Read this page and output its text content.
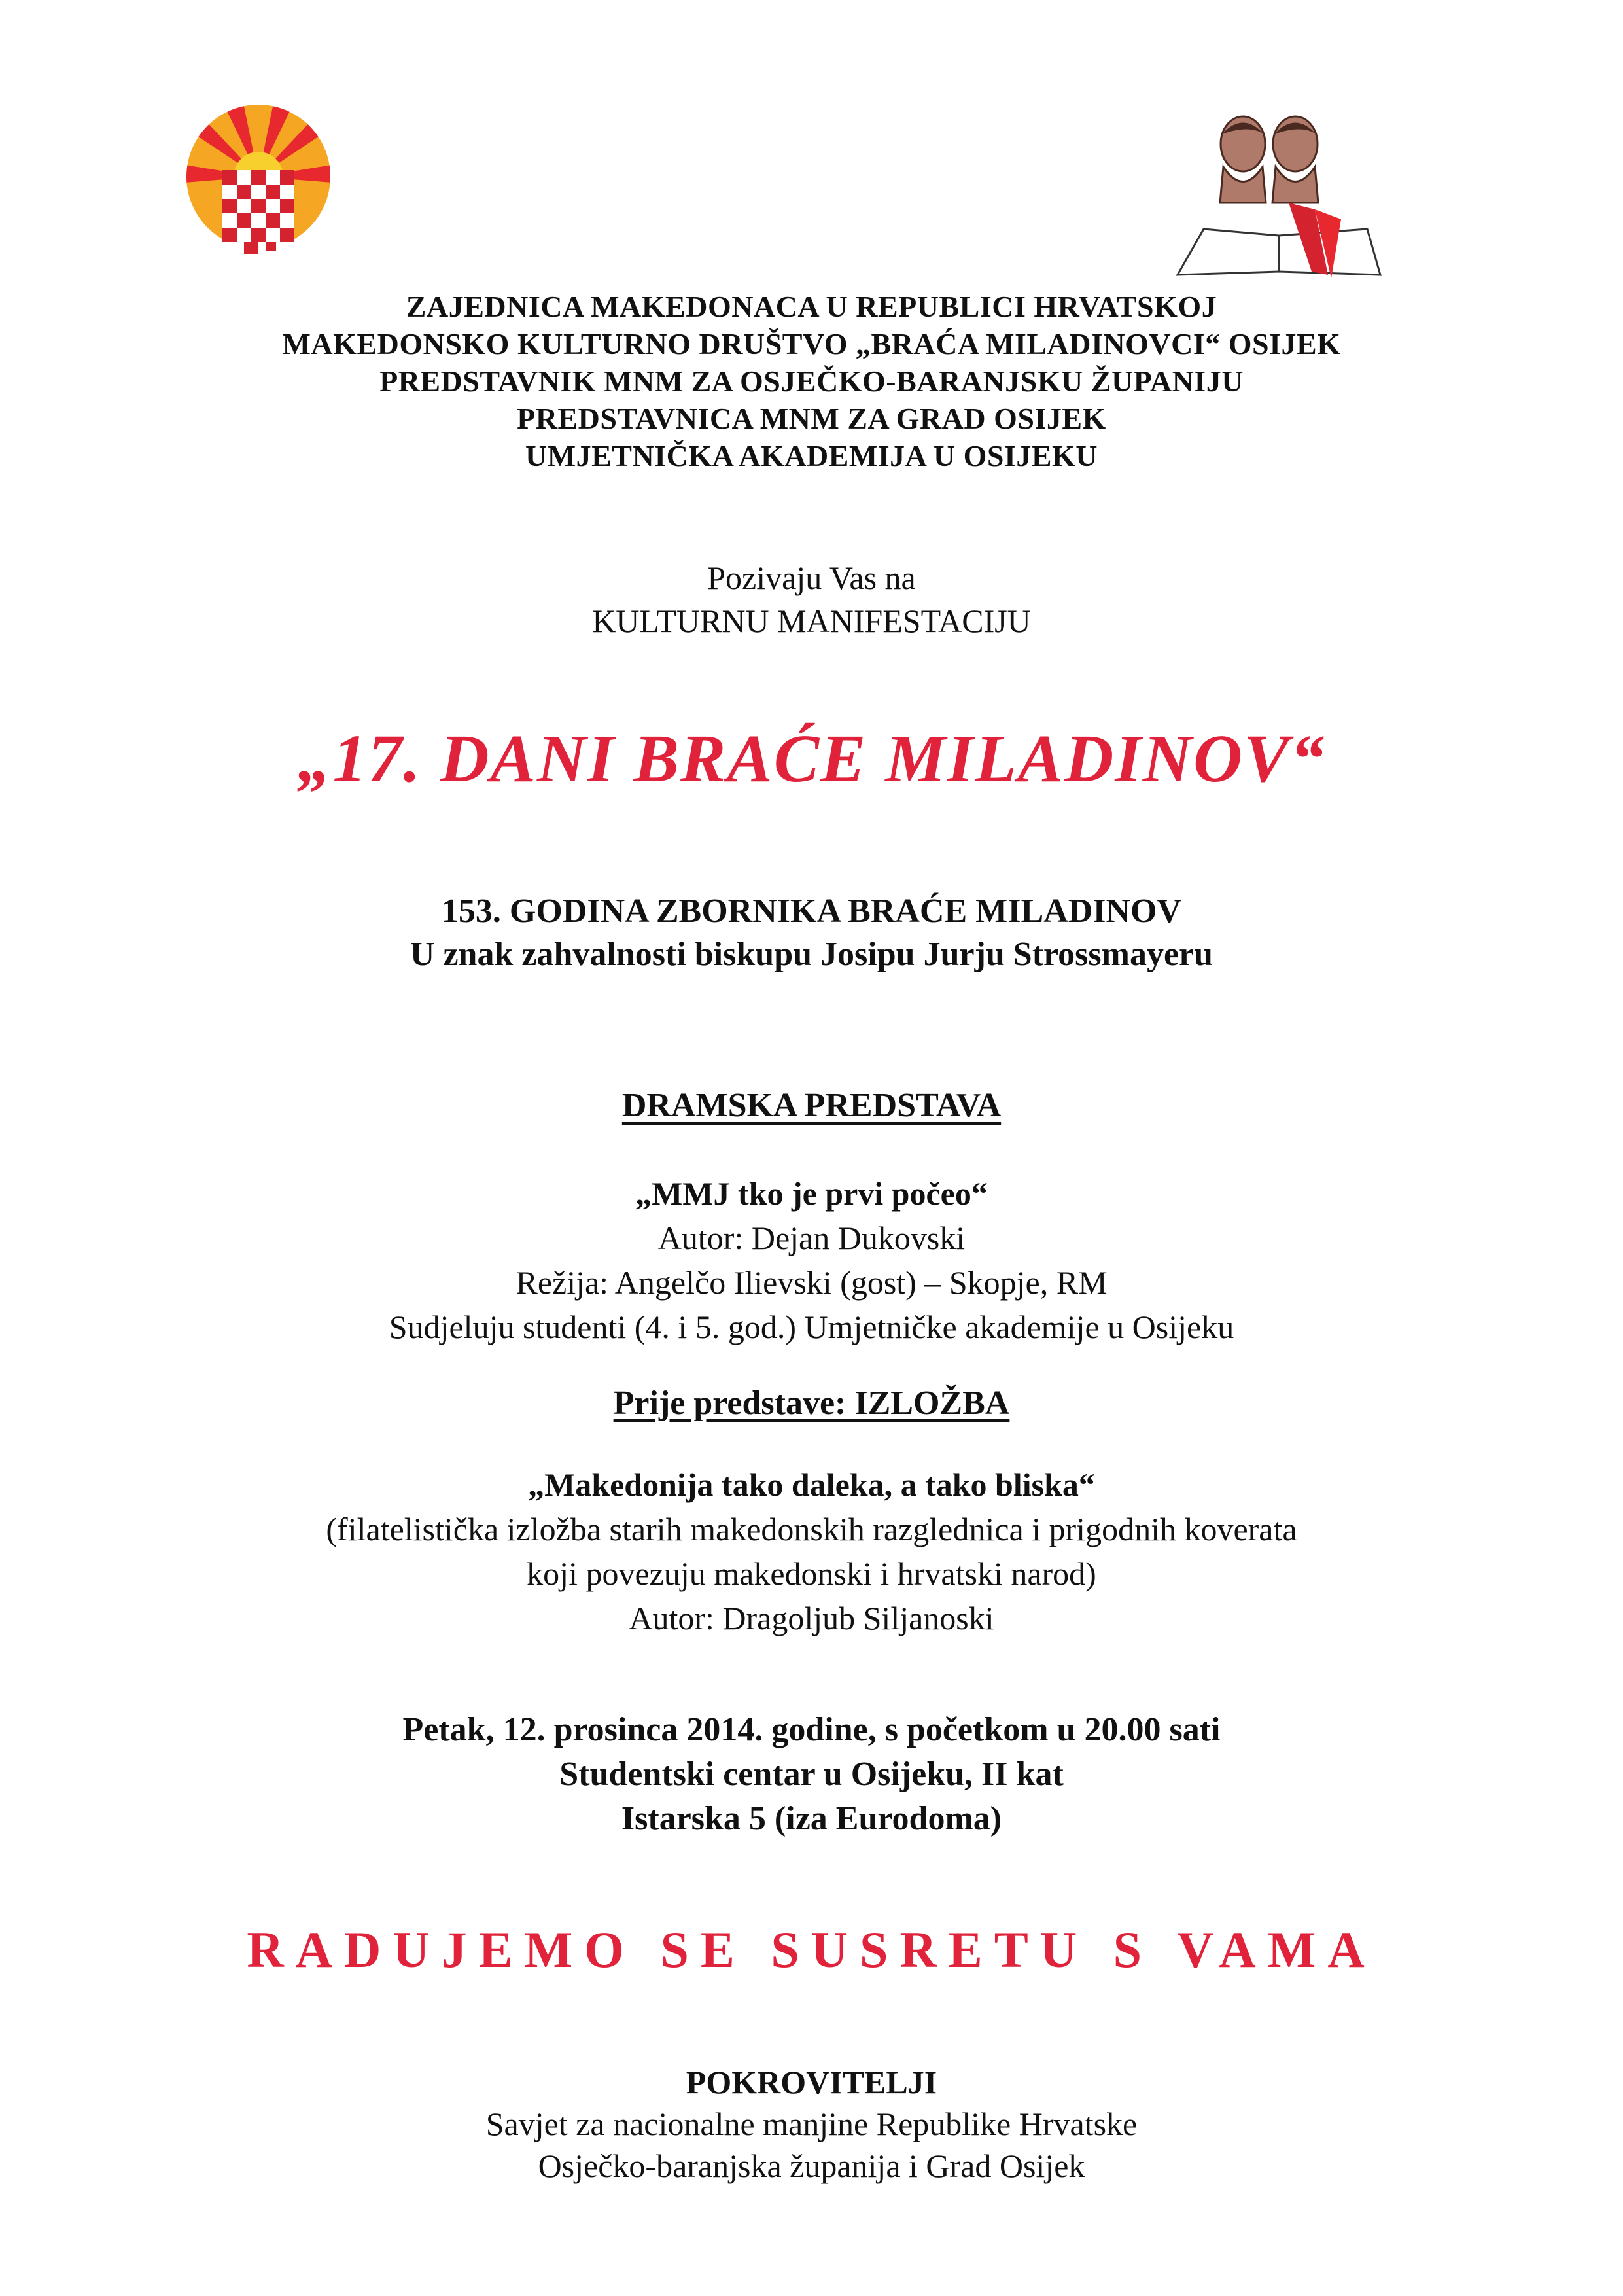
ZAJEDNICA MAKEDONACA U REPUBLICI HRVATSKOJ
MAKEDONSKO KULTURNO DRUŠTVO „BRAĆA MILADINOVCI“ OSIJEK
PREDSTAVNIK MNM ZA OSJEČKO-BARANJSKU ŽUPANIJU
PREDSTAVNICA MNM ZA GRAD OSIJEK
UMJETNIČKA AKADEMIJA U OSIJEKU
Pozivaju Vas na
KULTURNU MANIFESTACIJU
„17. DANI BRAĆE MILADINOV“
153. GODINA ZBORNIKA BRAĆE MILADINOV
U znak zahvalnosti biskupu Josipu Jurju Strossmayeru
DRAMSKA PREDSTAVA
„MMJ tko je prvi počeo“
Autor: Dejan Dukovski
Režija: Angelčo Ilievski (gost) – Skopje, RM
Sudjeluju studenti (4. i 5. god.) Umjetničke akademije u Osijeku
Prije predstave: IZLOŽBA
„Makedonija tako daleka, a tako bliska“
(filatelistička izložba starih makedonskih razglednica i prigodnih koverata
koji povezuju makedonski i hrvatski narod)
Autor: Dragoljub Siljanoski
Petak, 12. prosinca 2014. godine, s početkom u 20.00 sati
Studentski centar u Osijeku, II kat
Istarska 5 (iza Eurodoma)
RADUJEMO SE SUSRETU S VAMA
POKROVITELJI
Savjet za nacionalne manjine Republike Hrvatske
Osječko-baranjska županija i Grad Osijek
